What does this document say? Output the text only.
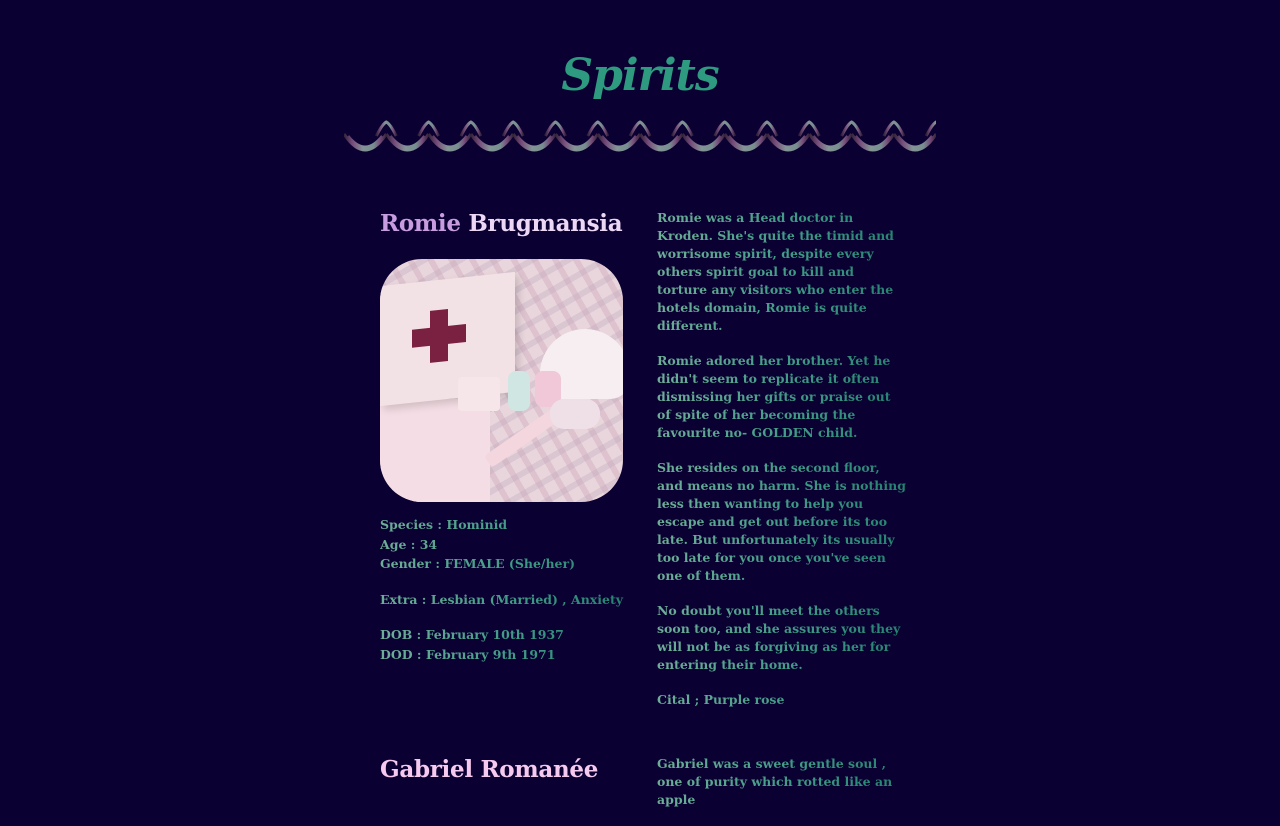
Spirits
Romie Brugmansia

Species : Hominid
Age : 34
Gender : FEMALE (She/her)

Extra : Lesbian (Married) , Anxiety

DOB : February 10th 1937
DOD : February 9th 1971

Romie was a Head doctor in Kroden. She's quite the timid and worrisome spirit, despite every others spirit goal to kill and torture any visitors who enter the hotels domain, Romie is quite different.

Romie adored her brother. Yet he didn't seem to replicate it often dismissing her gifts or praise out of spite of her becoming the favourite no- GOLDEN child.

She resides on the second floor, and means no harm. She is nothing less then wanting to help you escape and get out before its too late. But unfortunately its usually too late for you once you've seen one of them.

No doubt you'll meet the others soon too, and she assures you they will not be as forgiving as her for entering their home.

Cital ; Purple rose

Gabriel Romanée	Gabriel was a sweet gentle soul , one of purity which rotted like an apple
